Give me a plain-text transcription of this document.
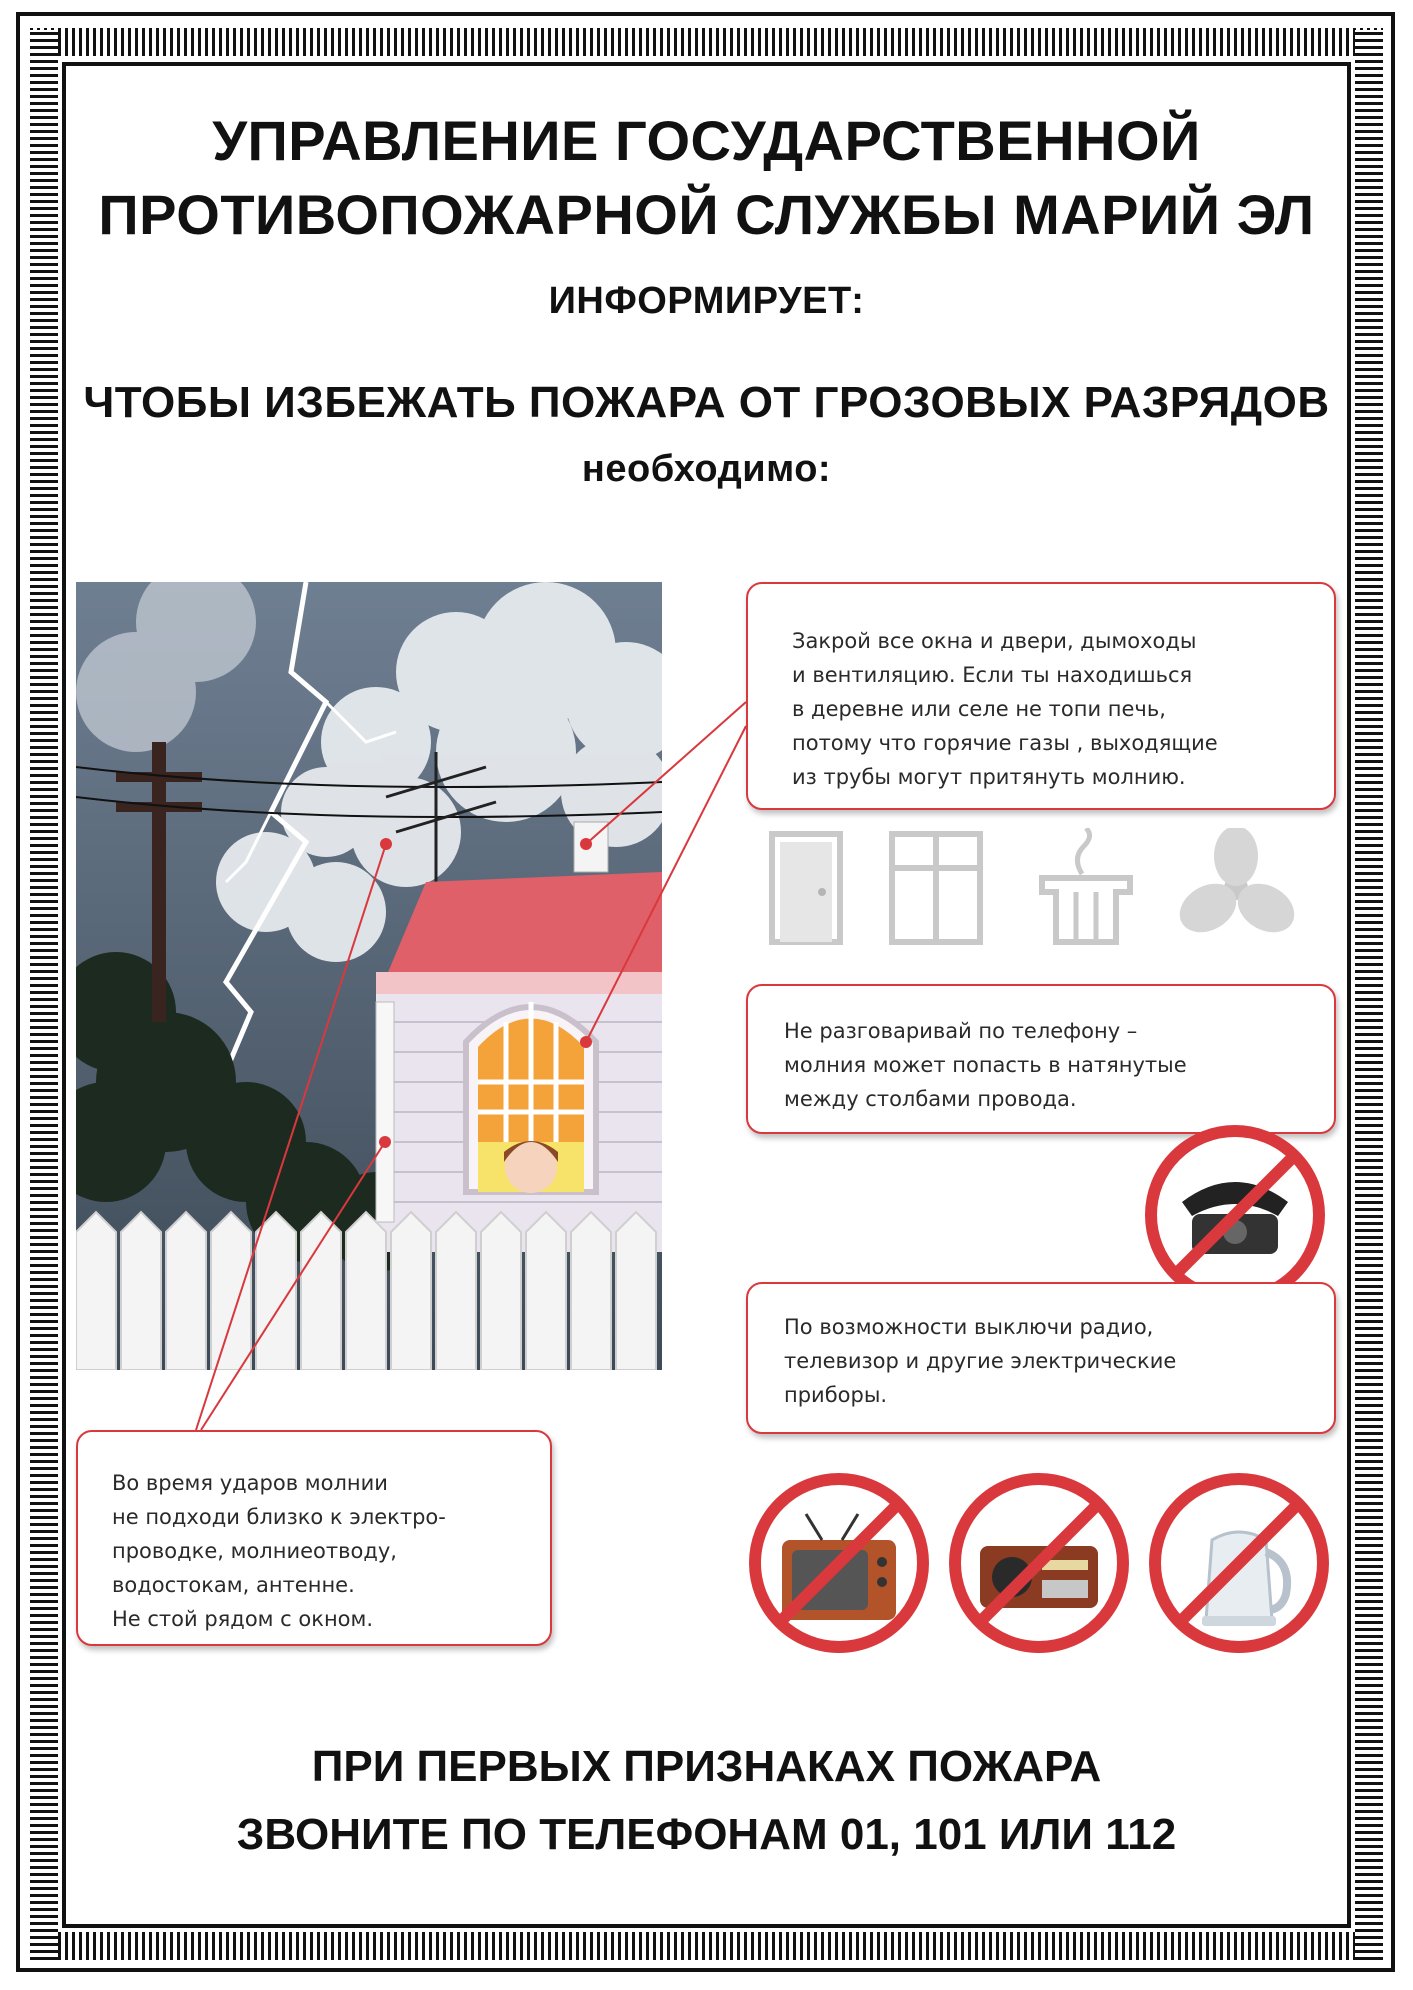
УПРАВЛЕНИЕ ГОСУДАРСТВЕННОЙ
ПРОТИВОПОЖАРНОЙ СЛУЖБЫ МАРИЙ ЭЛ
ИНФОРМИРУЕТ:
ЧТОБЫ ИЗБЕЖАТЬ ПОЖАРА ОТ ГРОЗОВЫХ РАЗРЯДОВ
необходимо:

Закрой все окна и двери, дымоходы
и вентиляцию. Если ты находишься
в деревне или селе не топи печь,
потому что горячие газы , выходящие
из трубы могут притянуть молнию.

Не разговаривай по телефону –
молния может попасть в натянутые
между столбами провода.

По возможности выключи радио,
телевизор и другие электрические
приборы.

Во время ударов молнии
не подходи близко к электро-
проводке, молниеотводу,
водостокам, антенне.
Не стой рядом с окном.

ПРИ ПЕРВЫХ ПРИЗНАКАХ ПОЖАРА
ЗВОНИТЕ ПО ТЕЛЕФОНАМ 01, 101 ИЛИ 112
